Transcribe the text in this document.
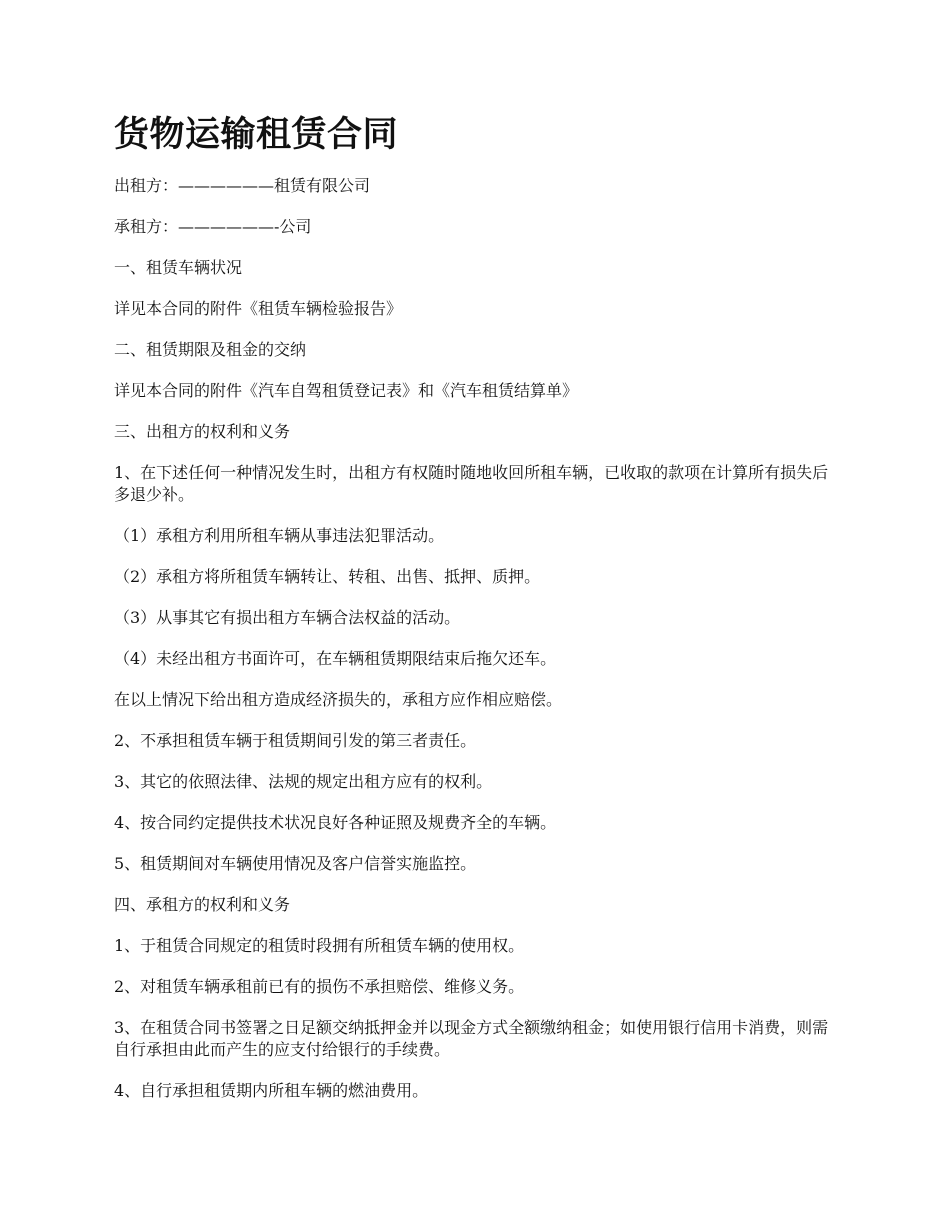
货物运输租赁合同

出租方：——————租赁有限公司

承租方：——————-公司

一、租赁车辆状况

详见本合同的附件《租赁车辆检验报告》

二、租赁期限及租金的交纳

详见本合同的附件《汽车自驾租赁登记表》和《汽车租赁结算单》

三、出租方的权利和义务

1、在下述任何一种情况发生时，出租方有权随时随地收回所租车辆，已收取的款项在计算所有损失后多退少补。

（1）承租方利用所租车辆从事违法犯罪活动。

（2）承租方将所租赁车辆转让、转租、出售、抵押、质押。

（3）从事其它有损出租方车辆合法权益的活动。

（4）未经出租方书面许可，在车辆租赁期限结束后拖欠还车。

在以上情况下给出租方造成经济损失的，承租方应作相应赔偿。

2、不承担租赁车辆于租赁期间引发的第三者责任。

3、其它的依照法律、法规的规定出租方应有的权利。

4、按合同约定提供技术状况良好各种证照及规费齐全的车辆。

5、租赁期间对车辆使用情况及客户信誉实施监控。

四、承租方的权利和义务

1、于租赁合同规定的租赁时段拥有所租赁车辆的使用权。

2、对租赁车辆承租前已有的损伤不承担赔偿、维修义务。

3、在租赁合同书签署之日足额交纳抵押金并以现金方式全额缴纳租金；如使用银行信用卡消费，则需自行承担由此而产生的应支付给银行的手续费。

4、自行承担租赁期内所租车辆的燃油费用。
